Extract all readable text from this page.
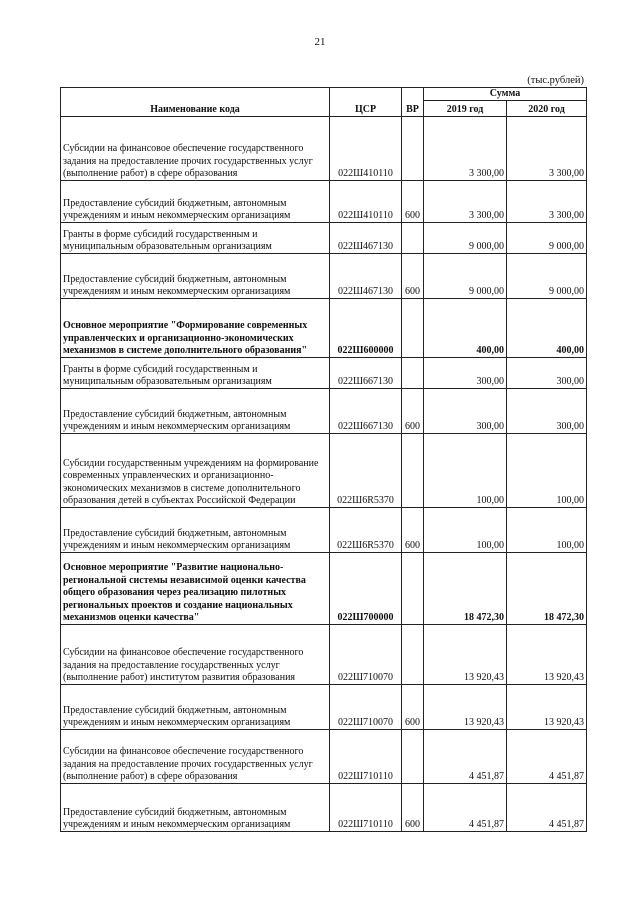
21
(тыс.рублей)
Наименование кода	ЦСР	ВР	Сумма	
			2019 год	2020 год
Субсидии на финансовое обеспечение государственного задания на предоставление прочих государственных услуг (выполнение работ) в сфере образования	022Ш410110		3 300,00	3 300,00
Предоставление субсидий бюджетным, автономным учреждениям и иным некоммерческим организациям	022Ш410110	600	3 300,00	3 300,00
Гранты в форме субсидий государственным и муниципальным образовательным организациям	022Ш467130		9 000,00	9 000,00
Предоставление субсидий бюджетным, автономным учреждениям и иным некоммерческим организациям	022Ш467130	600	9 000,00	9 000,00
Основное мероприятие "Формирование современных управленческих и организационно-экономических механизмов в системе дополнительного образования"	022Ш600000		400,00	400,00
Гранты в форме субсидий государственным и муниципальным образовательным организациям	022Ш667130		300,00	300,00
Предоставление субсидий бюджетным, автономным учреждениям и иным некоммерческим организациям	022Ш667130	600	300,00	300,00
Субсидии государственным учреждениям на формирование современных управленческих и организационно-экономических механизмов в системе дополнительного образования детей в субъектах Российской Федерации	022Ш6R5370		100,00	100,00
Предоставление субсидий бюджетным, автономным учреждениям и иным некоммерческим организациям	022Ш6R5370	600	100,00	100,00
Основное мероприятие "Развитие национально-региональной системы независимой оценки качества общего образования через реализацию пилотных региональных проектов и создание национальных механизмов оценки качества"	022Ш700000		18 472,30	18 472,30
Субсидии на финансовое обеспечение государственного задания на предоставление государственных услуг (выполнение работ) институтом развития образования	022Ш710070		13 920,43	13 920,43
Предоставление субсидий бюджетным, автономным учреждениям и иным некоммерческим организациям	022Ш710070	600	13 920,43	13 920,43
Субсидии на финансовое обеспечение государственного задания на предоставление прочих государственных услуг (выполнение работ) в сфере образования	022Ш710110		4 451,87	4 451,87
Предоставление субсидий бюджетным, автономным учреждениям и иным некоммерческим организациям	022Ш710110	600	4 451,87	4 451,87
